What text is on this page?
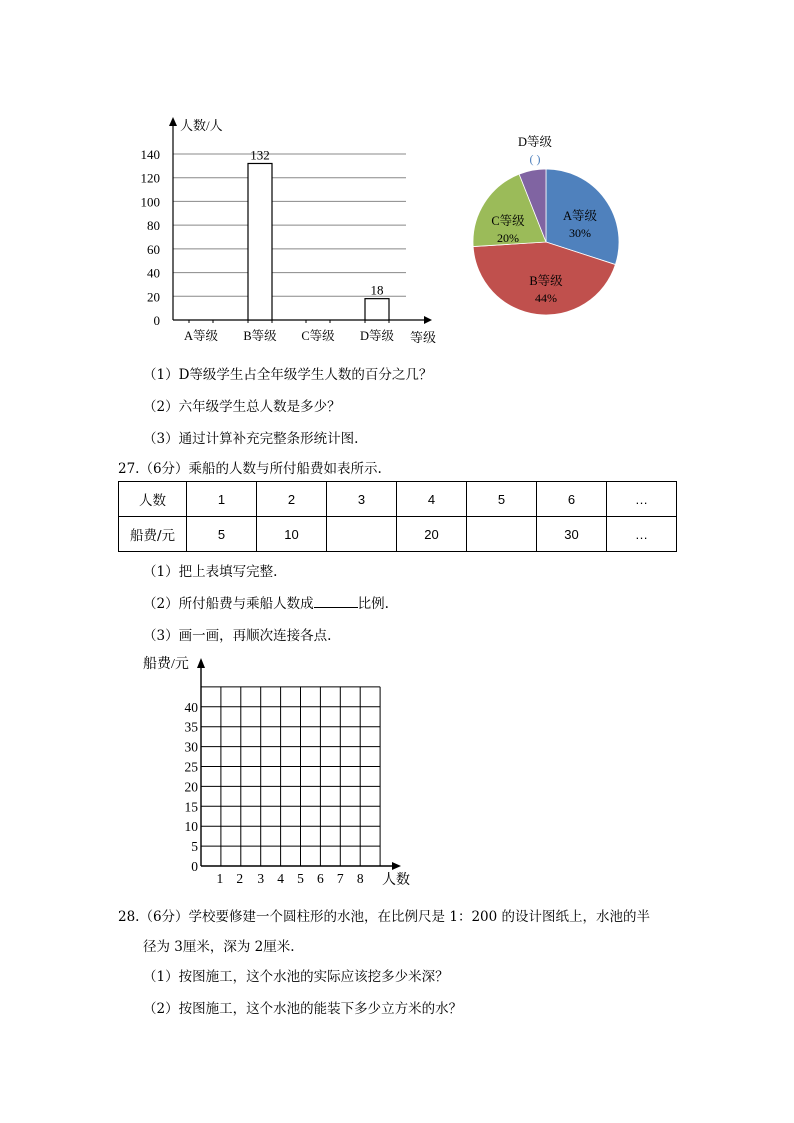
0
20
40
60
80
100
120
140
人数/人
等级
A等级 B等级
132
C等级 D等级
18
A等级
30%
B等级
44%
C等级
20%
D等级
( )
（1）D等级学生占全年级学生人数的百分之几？
（2）六年级学生总人数是多少？
（3）通过计算补充完整条形统计图.
27.（6分）乘船的人数与所付船费如表所示.
人数	1	2	3	4	5	6	…
船费/元	5	10		20		30	…
（1）把上表填写完整.
（2）所付船费与乘船人数成	比例.
（3）画一画，再顺次连接各点.
船费/元
人数
0
5
10
15
20
25
30
35
40
1 2 3 4 5 6 7 8
28.（6分）学校要修建一个圆柱形的水池，在比例尺是 1：200 的设计图纸上，水池的半
径为 3厘米，深为 2厘米.
（1）按图施工，这个水池的实际应该挖多少米深？
（2）按图施工，这个水池的能装下多少立方米的水？
